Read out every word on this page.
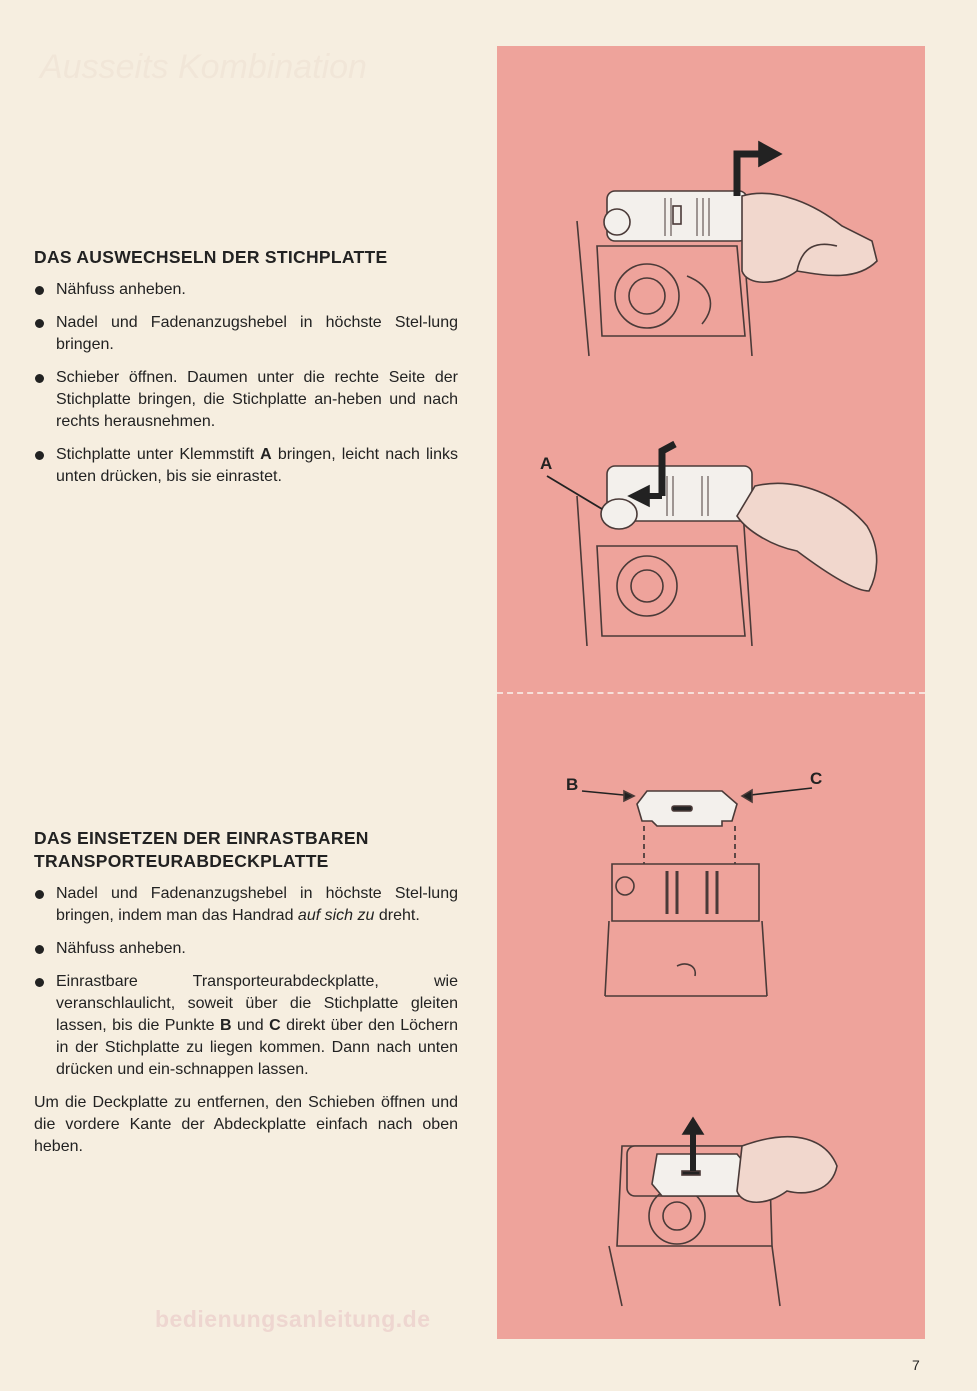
Ausseits Kombination
DAS AUSWECHSELN DER STICHPLATTE
Nähfuss anheben.
Nadel und Fadenanzugshebel in höchste Stel-lung bringen.
Schieber öffnen. Daumen unter die rechte Seite der Stichplatte bringen, die Stichplatte an-heben und nach rechts herausnehmen.
Stichplatte unter Klemmstift A bringen, leicht nach links unten drücken, bis sie einrastet.
DAS EINSETZEN DER EINRASTBAREN
TRANSPORTEURABDECKPLATTE
Nadel und Fadenanzugshebel in höchste Stel-lung bringen, indem man das Handrad auf sich zu dreht.
Nähfuss anheben.
Einrastbare Transporteurabdeckplatte, wie veranschlaulicht, soweit über die Stichplatte gleiten lassen, bis die Punkte B und C direkt über den Löchern in der Stichplatte zu liegen kommen. Dann nach unten drücken und ein-schnappen lassen.

Um die Deckplatte zu entfernen, den Schieben öffnen und die vordere Kante der Abdeckplatte einfach nach oben heben.

A
B	C
bedienungsanleitung.de
7
